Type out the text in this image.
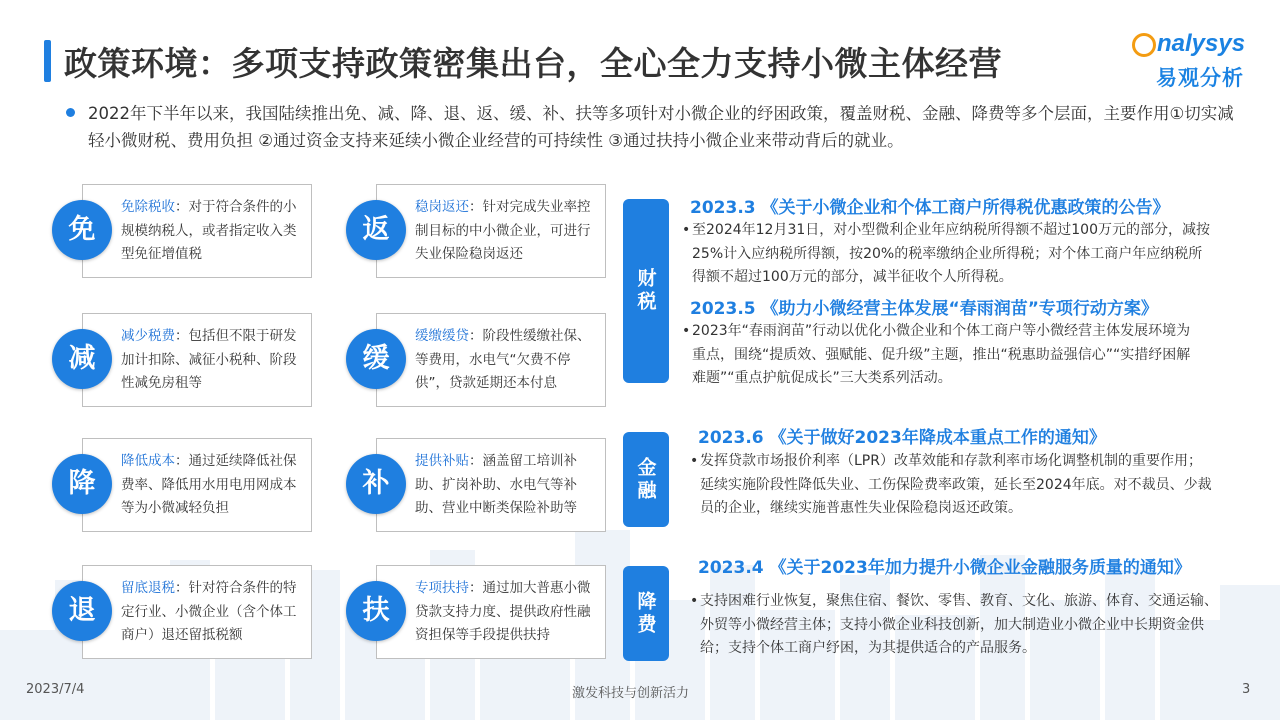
政策环境：多项支持政策密集出台，全心全力支持小微主体经营
nalysys
易观分析
2022年下半年以来，我国陆续推出免、减、降、退、返、缓、补、扶等多项针对小微企业的纾困政策，覆盖财税、金融、降费等多个层面，主要作用①切实减轻小微财税、费用负担 ②通过资金支持来延续小微企业经营的可持续性 ③通过扶持小微企业来带动背后的就业。
免除税收：对于符合条件的小规模纳税人，或者指定收入类型免征增值税
免
减少税费：包括但不限于研发加计扣除、减征小税种、阶段性减免房租等
减
降低成本：通过延续降低社保费率、降低用水用电用网成本等为小微减轻负担
降
留底退税：针对符合条件的特定行业、小微企业（含个体工商户）退还留抵税额
退
稳岗返还：针对完成失业率控制目标的中小微企业，可进行失业保险稳岗返还
返
缓缴缓贷：阶段性缓缴社保、等费用，水电气“欠费不停供”，贷款延期还本付息
缓
提供补贴：涵盖留工培训补助、扩岗补助、水电气等补助、营业中断类保险补助等
补
专项扶持：通过加大普惠小微贷款支持力度、提供政府性融资担保等手段提供扶持
扶
财税
金融
降费
2023.3 《关于小微企业和个体工商户所得税优惠政策的公告》
• 至2024年12月31日，对小型微利企业年应纳税所得额不超过100万元的部分，减按25%计入应纳税所得额，按20%的税率缴纳企业所得税；对个体工商户年应纳税所得额不超过100万元的部分，减半征收个人所得税。
2023.5 《助力小微经营主体发展“春雨润苗”专项行动方案》
• 2023年“春雨润苗”行动以优化小微企业和个体工商户等小微经营主体发展环境为重点，围绕“提质效、强赋能、促升级”主题，推出“税惠助益强信心”“实措纾困解难题”“重点护航促成长”三大类系列活动。
2023.6 《关于做好2023年降成本重点工作的通知》
• 发挥贷款市场报价利率（LPR）改革效能和存款利率市场化调整机制的重要作用；延续实施阶段性降低失业、工伤保险费率政策，延长至2024年底。对不裁员、少裁员的企业，继续实施普惠性失业保险稳岗返还政策。
2023.4 《关于2023年加力提升小微企业金融服务质量的通知》
• 支持困难行业恢复，聚焦住宿、餐饮、零售、教育、文化、旅游、体育、交通运输、外贸等小微经营主体；支持小微企业科技创新，加大制造业小微企业中长期资金供给；支持个体工商户纾困，为其提供适合的产品服务。
2023/7/4	激发科技与创新活力	3
